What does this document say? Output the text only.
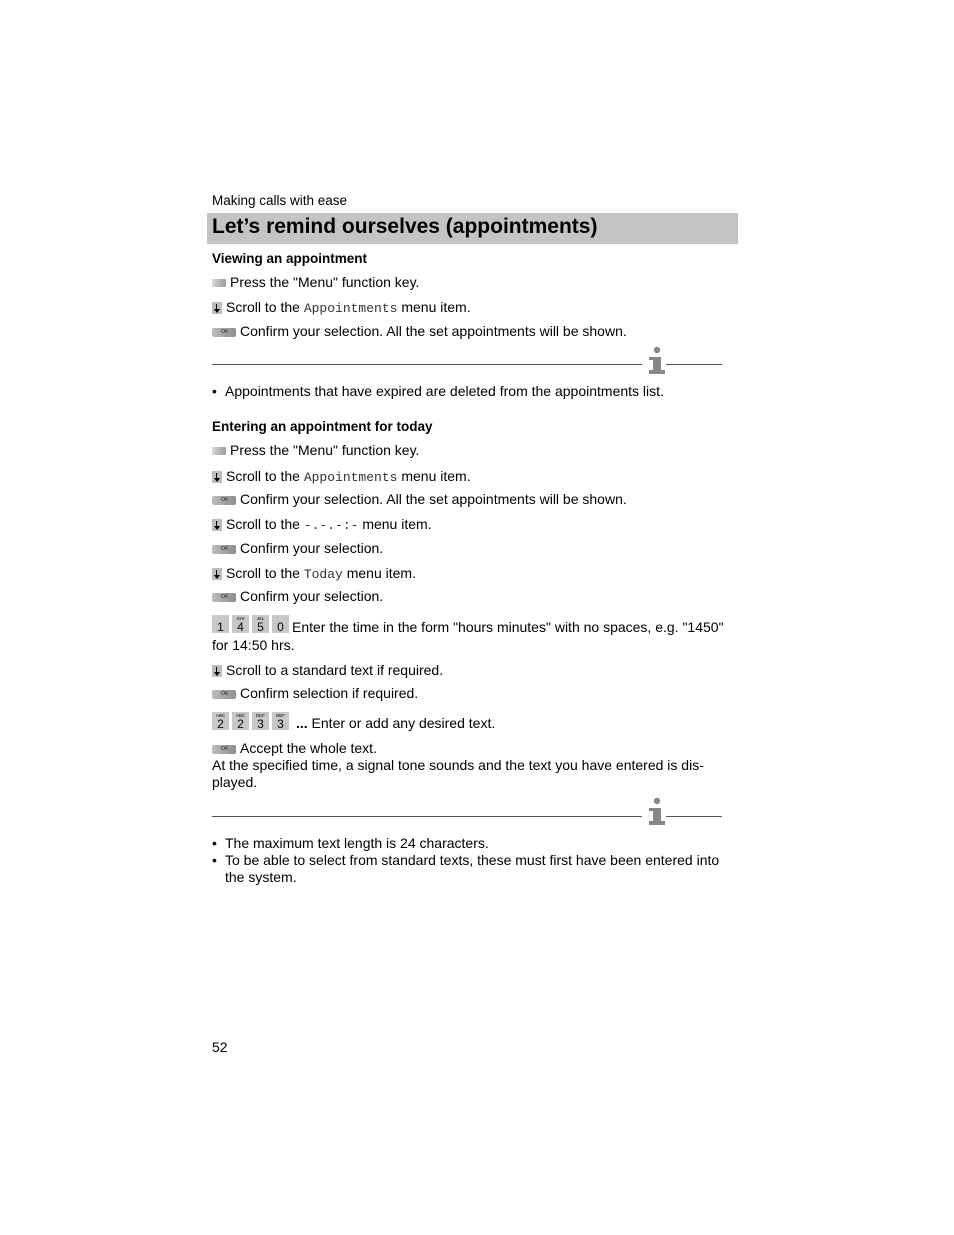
Making calls with ease
Let’s remind ourselves (appointments)
Viewing an appointment
Press the "Menu" function key.
Scroll to the Appointments menu item.
OK Confirm your selection. All the set appointments will be shown.
• Appointments that have expired are deleted from the appointments list.
Entering an appointment for today
Press the "Menu" function key.
Scroll to the Appointments menu item.
OK Confirm your selection. All the set appointments will be shown.
Scroll to the -.-.-:- menu item.
OK Confirm your selection.
Scroll to the Today menu item.
OK Confirm your selection.
1
GHI
4
JKL
5	0 Enter the time in the form "hours minutes" with no spaces, e.g. "1450"
for 14:50 hrs.
Scroll to a standard text if required.
OK Confirm selection if required.
ABC
2
ABC
2
DEF
3
DEF
3 ... Enter or add any desired text.
OK Accept the whole text.
At the specified time, a signal tone sounds and the text you have entered is dis-
played.
• The maximum text length is 24 characters.
• To be able to select from standard texts, these must first have been entered into the system.
52
